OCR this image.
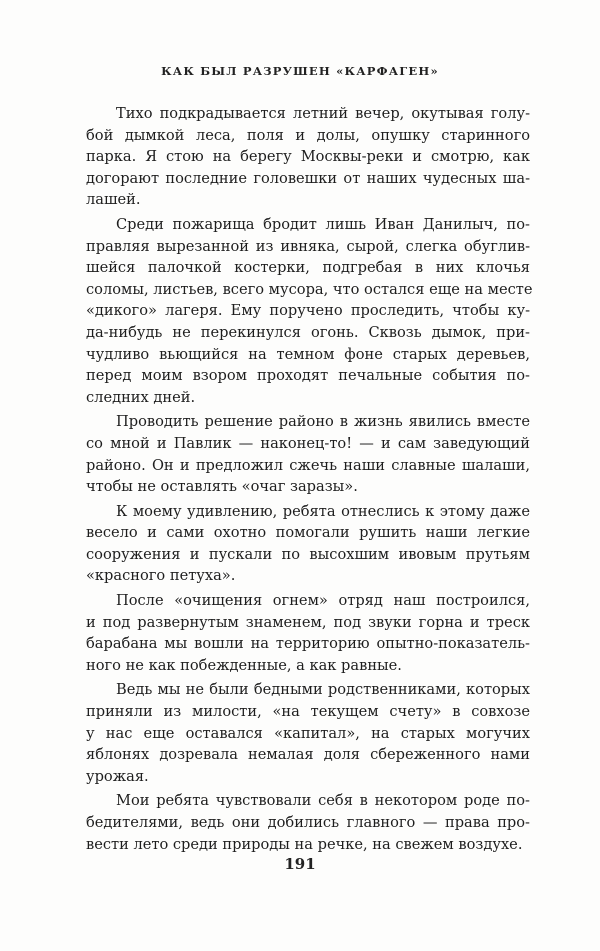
КАК БЫЛ РАЗРУШЕН «КАРФАГЕН»

Тихо подкрадывается летний вечер, окутывая голу-
бой дымкой леса, поля и долы, опушку старинного
парка. Я стою на берегу Москвы-реки и смотрю, как
догорают последние головешки от наших чудесных ша-
лашей.

Среди пожарища бродит лишь Иван Данилыч, по-
правляя вырезанной из ивняка, сырой, слегка обуглив-
шейся палочкой костерки, подгребая в них клочья
соломы, листьев, всего мусора, что остался еще на месте
«дикого» лагеря. Ему поручено проследить, чтобы ку-
да-нибудь не перекинулся огонь. Сквозь дымок, при-
чудливо вьющийся на темном фоне старых деревьев,
перед моим взором проходят печальные события по-
следних дней.

Проводить решение районо в жизнь явились вместе
со мной и Павлик — наконец-то! — и сам заведующий
районо. Он и предложил сжечь наши славные шалаши,
чтобы не оставлять «очаг заразы».

К моему удивлению, ребята отнеслись к этому даже
весело и сами охотно помогали рушить наши легкие
сооружения и пускали по высохшим ивовым прутьям
«красного петуха».

После «очищения огнем» отряд наш построился,
и под развернутым знаменем, под звуки горна и треск
барабана мы вошли на территорию опытно-показатель-
ного не как побежденные, а как равные.

Ведь мы не были бедными родственниками, которых
приняли из милости, «на текущем счету» в совхозе
у нас еще оставался «капитал», на старых могучих
яблонях дозревала немалая доля сбереженного нами
урожая.

Мои ребята чувствовали себя в некотором роде по-
бедителями, ведь они добились главного — права про-
вести лето среди природы на речке, на свежем воздухе.

191
